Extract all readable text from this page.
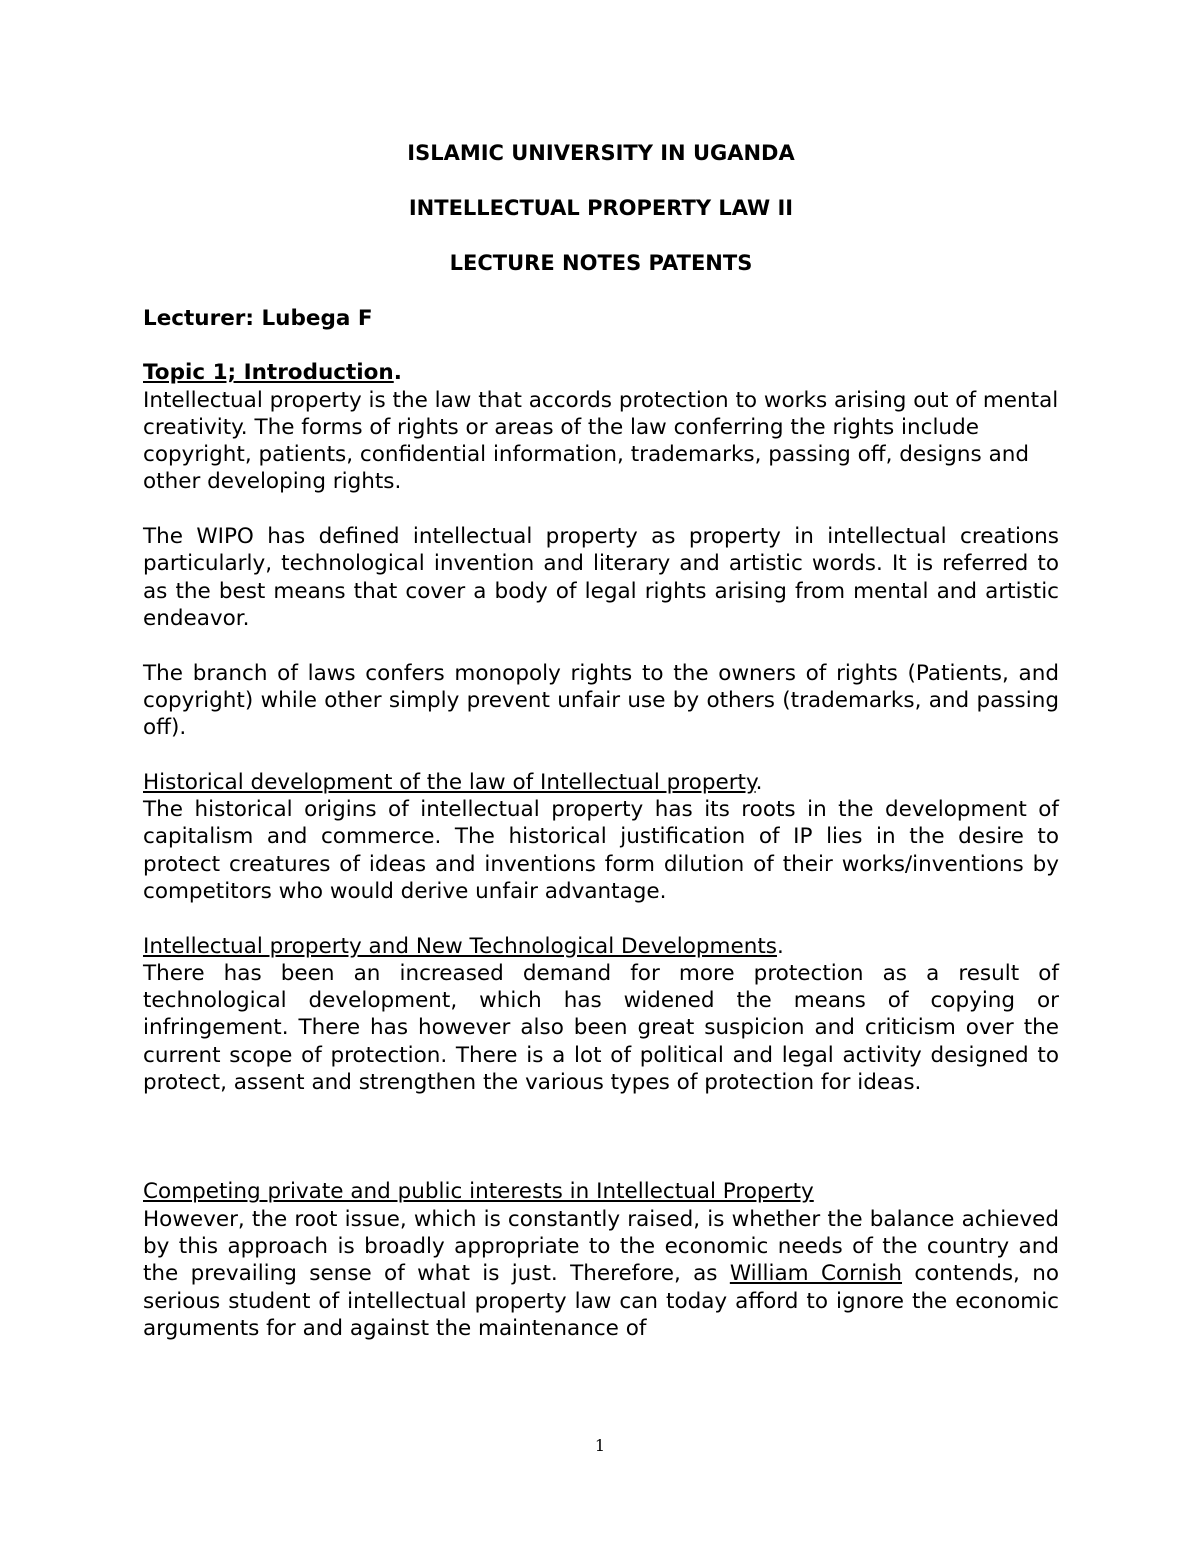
ISLAMIC UNIVERSITY IN UGANDA

INTELLECTUAL PROPERTY LAW II

LECTURE NOTES PATENTS

Lecturer: Lubega F

Topic 1; Introduction.

Intellectual property is the law that accords protection to works arising out of mental creativity. The forms of rights or areas of the law conferring the rights include copyright, patients, confidential information, trademarks, passing off, designs and other developing rights.

The WIPO has defined intellectual property as property in intellectual creations particularly, technological invention and literary and artistic words. It is referred to as the best means that cover a body of legal rights arising from mental and artistic endeavor.

The branch of laws confers monopoly rights to the owners of rights (Patients, and copyright) while other simply prevent unfair use by others (trademarks, and passing off).

Historical development of the law of Intellectual property.

The historical origins of intellectual property has its roots in the development of capitalism and commerce. The historical justification of IP lies in the desire to protect creatures of ideas and inventions form dilution of their works/inventions by competitors who would derive unfair advantage.

Intellectual property and New Technological Developments.

There has been an increased demand for more protection as a result of technological development, which has widened the means of copying or infringement. There has however also been great suspicion and criticism over the current scope of protection. There is a lot of political and legal activity designed to protect, assent and strengthen the various types of protection for ideas.

Competing private and public interests in Intellectual Property

However, the root issue, which is constantly raised, is whether the balance achieved by this approach is broadly appropriate to the economic needs of the country and the prevailing sense of what is just. Therefore, as William Cornish contends, no serious student of intellectual property law can today afford to ignore the economic arguments for and against the maintenance of

1
